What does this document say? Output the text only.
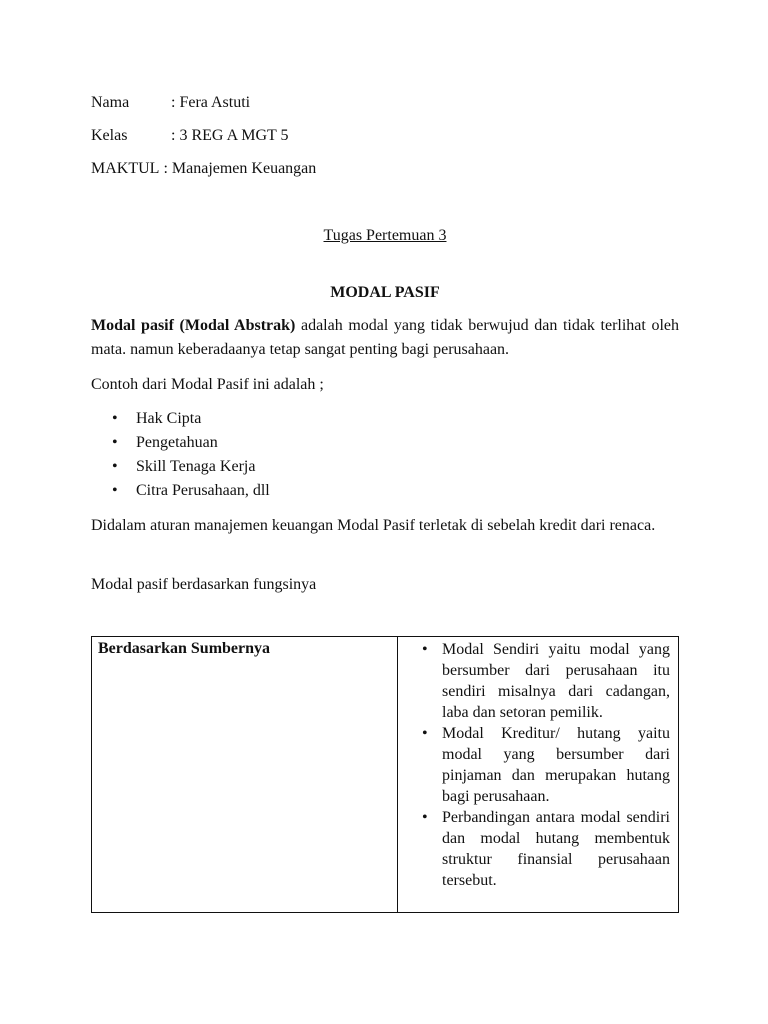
Nama	: Fera Astuti
Kelas	: 3 REG A MGT 5
MAKTUL : Manajemen Keuangan
Tugas Pertemuan 3
MODAL PASIF
Modal pasif (Modal Abstrak) adalah modal yang tidak berwujud dan tidak terlihat oleh mata. namun keberadaanya tetap sangat penting bagi perusahaan.
Contoh dari Modal Pasif ini adalah ;
• Hak Cipta
• Pengetahuan
• Skill Tenaga Kerja
• Citra Perusahaan, dll
Didalam aturan manajemen keuangan Modal Pasif terletak di sebelah kredit dari renaca.
Modal pasif berdasarkan fungsinya
Berdasarkan Sumbernya	• Modal Sendiri yaitu modal yang bersumber dari perusahaan itu sendiri misalnya dari cadangan, laba dan setoran pemilik.
• Modal Kreditur/ hutang yaitu modal yang bersumber dari pinjaman dan merupakan hutang bagi perusahaan.
• Perbandingan antara modal sendiri dan modal hutang membentuk struktur finansial perusahaan tersebut.
